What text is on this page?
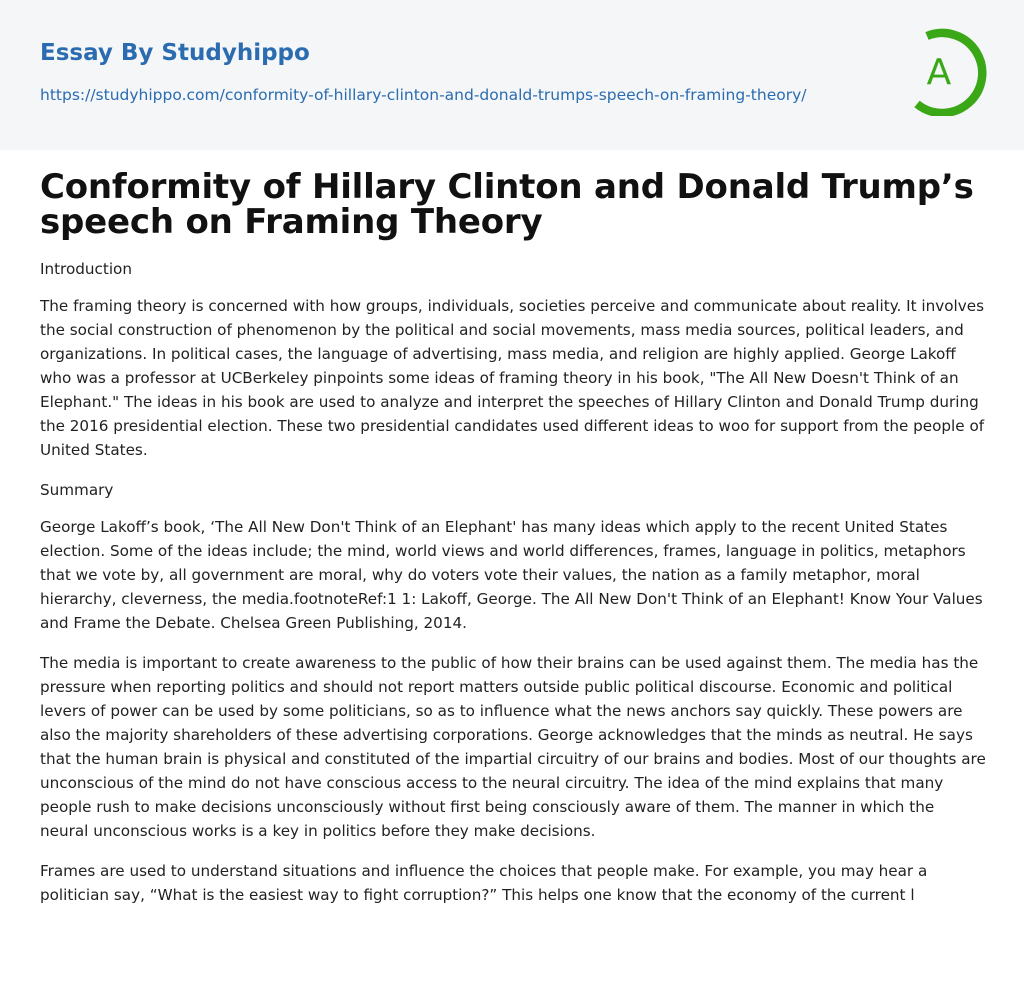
Essay By Studyhippo
https://studyhippo.com/conformity-of-hillary-clinton-and-donald-trumps-speech-on-framing-theory/
A
Conformity of Hillary Clinton and Donald Trump’s speech on Framing Theory

Introduction

The framing theory is concerned with how groups, individuals, societies perceive and communicate about reality. It involves the social construction of phenomenon by the political and social movements, mass media sources, political leaders, and organizations. In political cases, the language of advertising, mass media, and religion are highly applied. George Lakoff who was a professor at UCBerkeley pinpoints some ideas of framing theory in his book, "The All New Doesn't Think of an Elephant." The ideas in his book are used to analyze and interpret the speeches of Hillary Clinton and Donald Trump during the 2016 presidential election. These two presidential candidates used different ideas to woo for support from the people of United States.

Summary

George Lakoff’s book, ‘The All New Don't Think of an Elephant' has many ideas which apply to the recent United States election. Some of the ideas include; the mind, world views and world differences, frames, language in politics, metaphors that we vote by, all government are moral, why do voters vote their values, the nation as a family metaphor, moral hierarchy, cleverness, the media.footnoteRef:1 1: Lakoff, George. The All New Don't Think of an Elephant! Know Your Values and Frame the Debate. Chelsea Green Publishing, 2014.

The media is important to create awareness to the public of how their brains can be used against them. The media has the pressure when reporting politics and should not report matters outside public political discourse. Economic and political levers of power can be used by some politicians, so as to influence what the news anchors say quickly. These powers are also the majority shareholders of these advertising corporations. George acknowledges that the minds as neutral. He says that the human brain is physical and constituted of the impartial circuitry of our brains and bodies. Most of our thoughts are unconscious of the mind do not have conscious access to the neural circuitry. The idea of the mind explains that many people rush to make decisions unconsciously without first being consciously aware of them. The manner in which the neural unconscious works is a key in politics before they make decisions.

Frames are used to understand situations and influence the choices that people make. For example, you may hear a politician say, “What is the easiest way to fight corruption?” This helps one know that the economy of the current l
